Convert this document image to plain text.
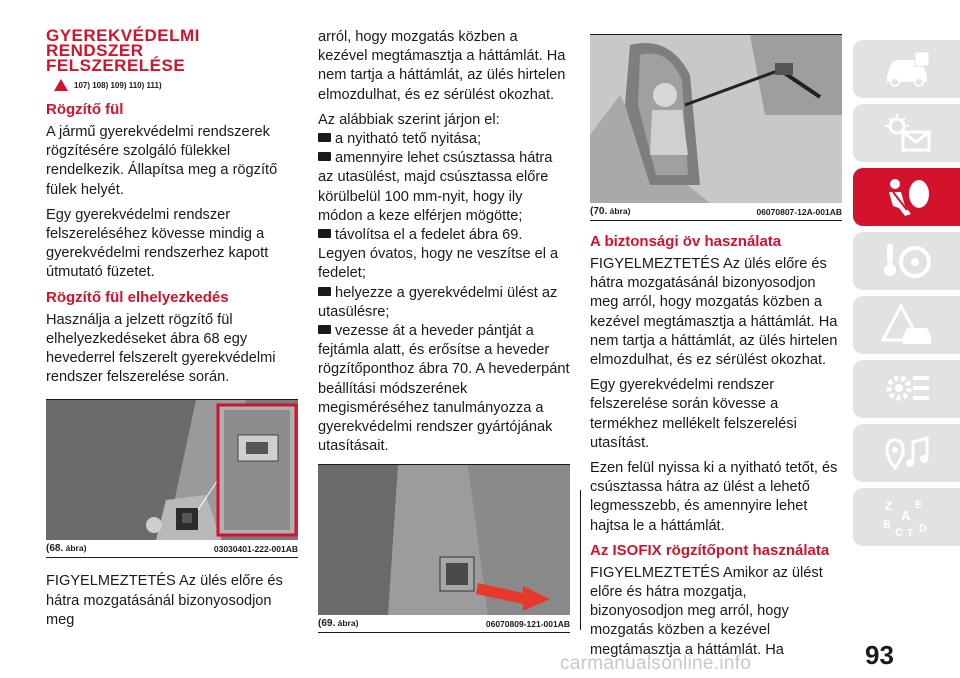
GYEREKVÉDELMI
RENDSZER
FELSZERELÉSE
107) 108) 109) 110) 111)
Rögzítő fül

A jármű gyerekvédelmi rendszerek rögzítésére szolgáló fülekkel rendelkezik. Állapítsa meg a rögzítő fülek helyét.

Egy gyerekvédelmi rendszer felszereléséhez kövesse mindig a gyerekvédelmi rendszerhez kapott útmutató füzetet.

Rögzítő fül elhelyezkedés

Használja a jelzett rögzítő fül elhelyezkedéseket ábra 68 egy hevederrel felszerelt gyerekvédelmi rendszer felszerelése során.

(68. ábra)	03030401-222-001AB

FIGYELMEZTETÉS Az ülés előre és hátra mozgatásánál bizonyosodjon meg

arról, hogy mozgatás közben a kezével megtámasztja a háttámlát. Ha nem tartja a háttámlát, az ülés hirtelen elmozdulhat, és ez sérülést okozhat.

Az alábbiak szerint járjon el:

a nyitható tető nyitása;

amennyire lehet csúsztassa hátra az utasülést, majd csúsztassa előre körülbelül 100 mm-nyit, hogy ily módon a keze elférjen mögötte;

távolítsa el a fedelet ábra 69. Legyen óvatos, hogy ne veszítse el a fedelet;

helyezze a gyerekvédelmi ülést az utasülésre;

vezesse át a heveder pántját a fejtámla alatt, és erősítse a heveder rögzítőponthoz ábra 70. A hevederpánt beállítási módszerének megisméréséhez tanulmányozza a gyerekvédelmi rendszer gyártójának utasításait.

(69. ábra)	06070809-121-001AB
(70. ábra)	06070807-12A-001AB
A biztonsági öv használata

FIGYELMEZTETÉS Az ülés előre és hátra mozgatásánál bizonyosodjon meg arról, hogy mozgatás közben a kezével megtámasztja a háttámlát. Ha nem tartja a háttámlát, az ülés hirtelen elmozdulhat, és ez sérülést okozhat.

Egy gyerekvédelmi rendszer felszerelése során kövesse a termékhez mellékelt felszerelési utasítást.

Ezen felül nyissa ki a nyitható tetőt, és csúsztassa hátra az ülést a lehető legmesszebb, és amennyire lehet hajtsa le a háttámlát.

Az ISOFIX rögzítőpont használata

FIGYELMEZTETÉS Amikor az ülést előre és hátra mozgatja, bizonyosodjon meg arról, hogy mozgatás közben a kezével megtámasztja a háttámlát. Ha

Z E
A
B
C T D
93
carmanualsonline.info
